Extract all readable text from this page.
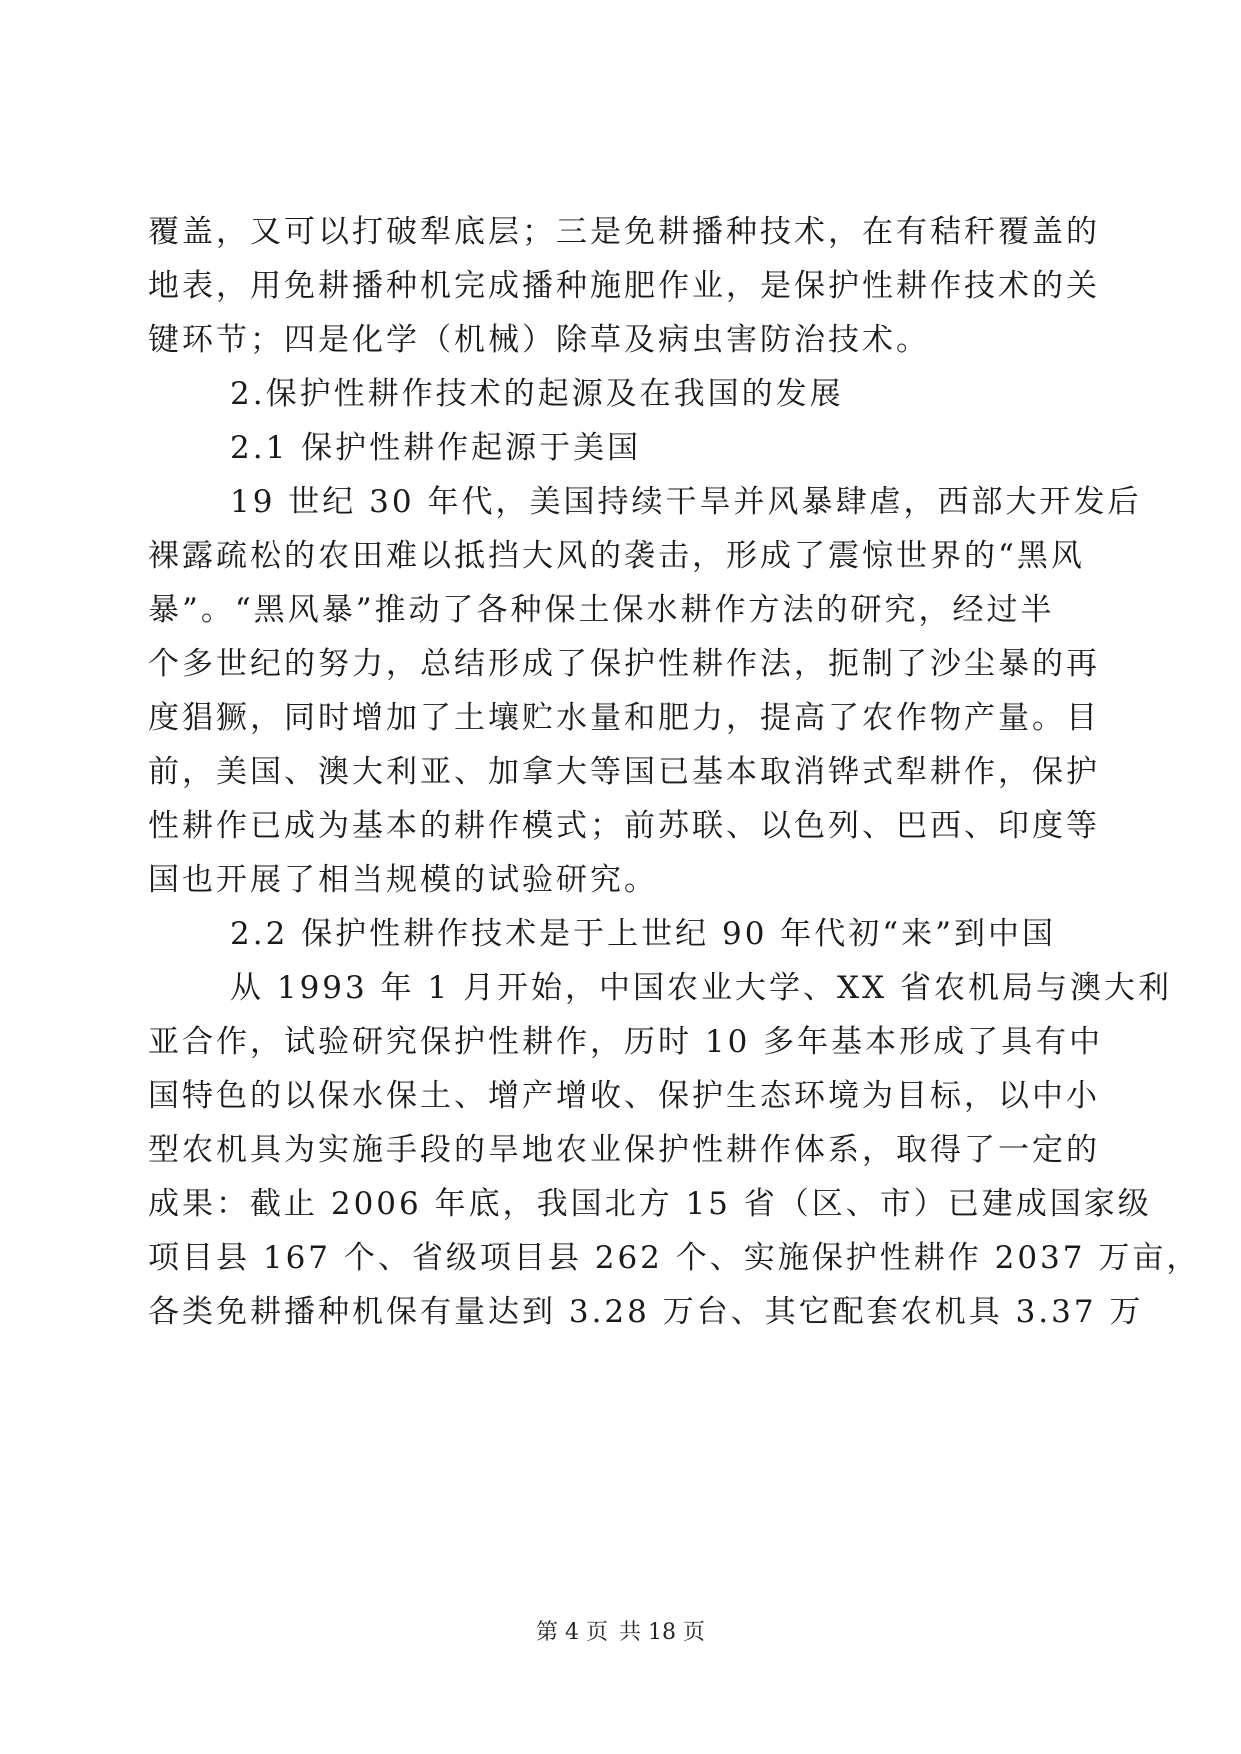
覆盖，又可以打破犁底层；三是免耕播种技术，在有秸秆覆盖的
地表，用免耕播种机完成播种施肥作业，是保护性耕作技术的关
键环节；四是化学（机械）除草及病虫害防治技术。
2.保护性耕作技术的起源及在我国的发展
2.1 保护性耕作起源于美国
19 世纪 30 年代，美国持续干旱并风暴肆虐，西部大开发后
裸露疏松的农田难以抵挡大风的袭击，形成了震惊世界的“黑风
暴”。“黑风暴”推动了各种保土保水耕作方法的研究，经过半
个多世纪的努力，总结形成了保护性耕作法，扼制了沙尘暴的再
度猖獗，同时增加了土壤贮水量和肥力，提高了农作物产量。目
前，美国、澳大利亚、加拿大等国已基本取消铧式犁耕作，保护
性耕作已成为基本的耕作模式；前苏联、以色列、巴西、印度等
国也开展了相当规模的试验研究。
2.2 保护性耕作技术是于上世纪 90 年代初“来”到中国
从 1993 年 1 月开始，中国农业大学、XX 省农机局与澳大利
亚合作，试验研究保护性耕作，历时 10 多年基本形成了具有中
国特色的以保水保土、增产增收、保护生态环境为目标，以中小
型农机具为实施手段的旱地农业保护性耕作体系，取得了一定的
成果：截止 2006 年底，我国北方 15 省（区、市）已建成国家级
项目县 167 个、省级项目县 262 个、实施保护性耕作 2037 万亩，
各类免耕播种机保有量达到 3.28 万台、其它配套农机具 3.37 万
第 4 页 共 18 页
